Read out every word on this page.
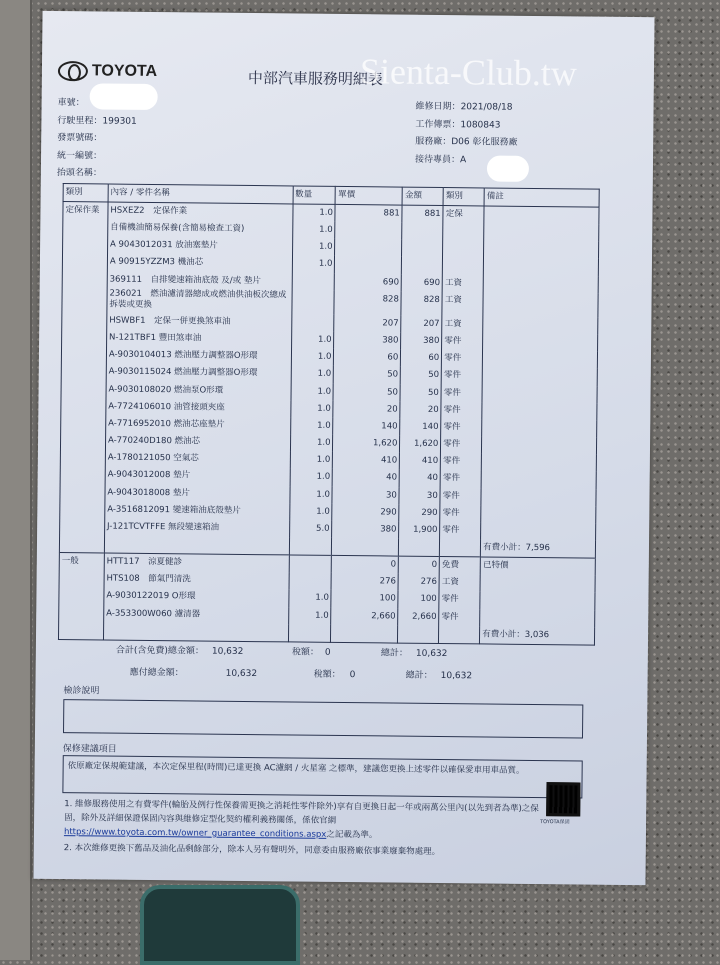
TOYOTA	中部汽車服務明細表
Sienta-Club.tw
車號：
行駛里程：199301
發票號碼：
統一編號：
抬頭名稱：
維修日期：2021/08/18
工作傳票：1080843
服務廠：D06 彰化服務廠
接待專員：A
類別	內容 / 零件名稱	數量	單價	金額	類別	備註
定保作業	HSXEZ2　定保作業	1.0	881	881	定保	
	自備機油簡易保養(含簡易檢查工資)	1.0				
	A 9043012031 放油塞墊片	1.0				
	A 90915YZZM3 機油芯	1.0				
	369111　自排變速箱油底殼 及/或 墊片		690	690	工資	
	236021　燃油濾清器總成或燃油供油板次總成拆裝或更換		828	828	工資	
	HSWBF1　定保一併更換煞車油		207	207	工資	
	N-121TBF1 豐田煞車油	1.0	380	380	零件	
	A-9030104013 燃油壓力調整器O形環	1.0	60	60	零件	
	A-9030115024 燃油壓力調整器O形環	1.0	50	50	零件	
	A-9030108020 燃油泵O形環	1.0	50	50	零件	
	A-7724106010 油管接頭夾座	1.0	20	20	零件	
	A-7716952010 燃油芯座墊片	1.0	140	140	零件	
	A-770240D180 燃油芯	1.0	1,620	1,620	零件	
	A-1780121050 空氣芯	1.0	410	410	零件	
	A-9043012008 墊片	1.0	40	40	零件	
	A-9043018008 墊片	1.0	30	30	零件	
	A-3516812091 變速箱油底殼墊片	1.0	290	290	零件	
	J-121TCVTFFE 無段變速箱油	5.0	380	1,900	零件	
						有費小計：7,596
一般	HTT117　涼夏健診		0	0	免費	已特價
	HTS108　節氣門清洗		276	276	工資	
	A-9030122019 O形環	1.0	100	100	零件	
	A-353300W060 濾清器	1.0	2,660	2,660	零件	
						有費小計：3,036
合計(含免費)總金額： 10,632	稅額： 0	總計： 10,632
應付總金額：	10,632	稅額： 0	總計： 10,632
檢診說明
保修建議項目
依原廠定保規範建議，本次定保里程(時間)已達更換 AC濾網 / 火星塞 之標準，建議您更換上述零件以確保愛車用車品質。
1. 維修服務使用之有費零件(輪胎及例行性保養需更換之消耗性零件除外)享有自更換日起一年或兩萬公里內(以先到者為準)之保固，除外及詳細保證保固內容與維修定型化契約權利義務關係，係依官網 https://www.toyota.com.tw/owner_guarantee_conditions.aspx之記載為準。
2. 本次維修更換下舊品及油化品剩餘部分，除本人另有聲明外，同意委由服務廠依事業廢棄物處理。
TOYOTA保固
